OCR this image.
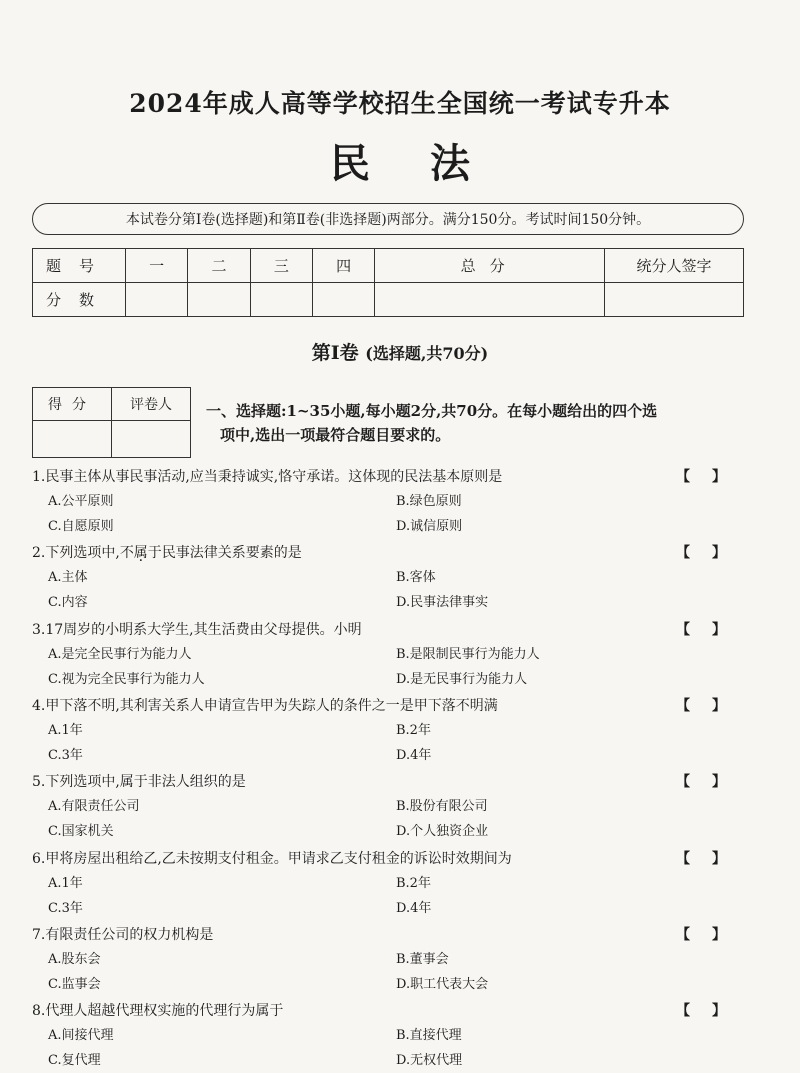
2024年成人高等学校招生全国统一考试专升本
民法
本试卷分第Ⅰ卷(选择题)和第Ⅱ卷(非选择题)两部分。满分150分。考试时间150分钟。
题号	一	二	三	四	总分	统分人签字
分数						
第Ⅰ卷 (选择题,共70分)
得分	评卷人
	一、选择题:1~35小题,每小题2分,共70分。在每小题给出的四个选
项中,选出一项最符合题目要求的。
1.民事主体从事民事活动,应当秉持诚实,恪守承诺。这体现的民法基本原则是	【】
A.公平原则	B.绿色原则
C.自愿原则	D.诚信原则
2.下列选项中,不属于民事法律关系要素的是	【】
A.主体	B.客体
C.内容	D.民事法律事实
3.17周岁的小明系大学生,其生活费由父母提供。小明	【】
A.是完全民事行为能力人	B.是限制民事行为能力人
C.视为完全民事行为能力人	D.是无民事行为能力人
4.甲下落不明,其利害关系人申请宣告甲为失踪人的条件之一是甲下落不明满	【】
A.1年	B.2年
C.3年	D.4年
5.下列选项中,属于非法人组织的是	【】
A.有限责任公司	B.股份有限公司
C.国家机关	D.个人独资企业
6.甲将房屋出租给乙,乙未按期支付租金。甲请求乙支付租金的诉讼时效期间为	【】
A.1年	B.2年
C.3年	D.4年
7.有限责任公司的权力机构是	【】
A.股东会	B.董事会
C.监事会	D.职工代表大会
8.代理人超越代理权实施的代理行为属于	【】
A.间接代理	B.直接代理
C.复代理	D.无权代理
